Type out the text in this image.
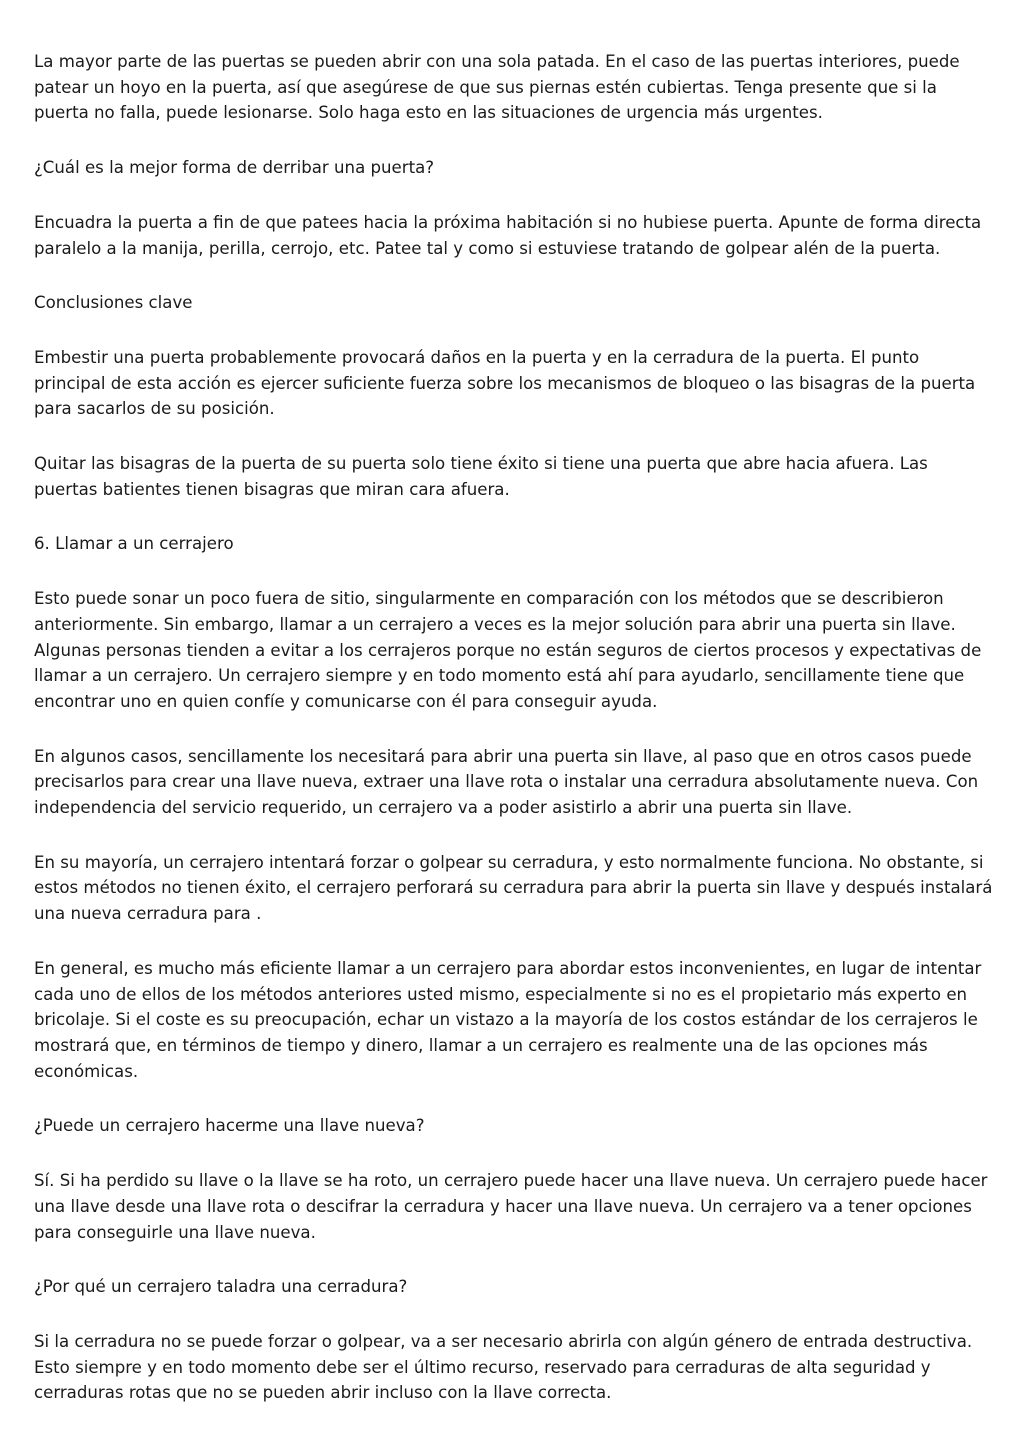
La mayor parte de las puertas se pueden abrir con una sola patada. En el caso de las puertas interiores, puede patear un hoyo en la puerta, así que asegúrese de que sus piernas estén cubiertas. Tenga presente que si la puerta no falla, puede lesionarse. Solo haga esto en las situaciones de urgencia más urgentes.

¿Cuál es la mejor forma de derribar una puerta?

Encuadra la puerta a fin de que patees hacia la próxima habitación si no hubiese puerta. Apunte de forma directa paralelo a la manija, perilla, cerrojo, etc. Patee tal y como si estuviese tratando de golpear alén de la puerta.

Conclusiones clave

Embestir una puerta probablemente provocará daños en la puerta y en la cerradura de la puerta. El punto principal de esta acción es ejercer suficiente fuerza sobre los mecanismos de bloqueo o las bisagras de la puerta para sacarlos de su posición.

Quitar las bisagras de la puerta de su puerta solo tiene éxito si tiene una puerta que abre hacia afuera. Las puertas batientes tienen bisagras que miran cara afuera.

6. Llamar a un cerrajero

Esto puede sonar un poco fuera de sitio, singularmente en comparación con los métodos que se describieron anteriormente. Sin embargo, llamar a un cerrajero a veces es la mejor solución para abrir una puerta sin llave. Algunas personas tienden a evitar a los cerrajeros porque no están seguros de ciertos procesos y expectativas de llamar a un cerrajero. Un cerrajero siempre y en todo momento está ahí para ayudarlo, sencillamente tiene que encontrar uno en quien confíe y comunicarse con él para conseguir ayuda.

En algunos casos, sencillamente los necesitará para abrir una puerta sin llave, al paso que en otros casos puede precisarlos para crear una llave nueva, extraer una llave rota o instalar una cerradura absolutamente nueva. Con independencia del servicio requerido, un cerrajero va a poder asistirlo a abrir una puerta sin llave.

En su mayoría, un cerrajero intentará forzar o golpear su cerradura, y esto normalmente funciona. No obstante, si estos métodos no tienen éxito, el cerrajero perforará su cerradura para abrir la puerta sin llave y después instalará una nueva cerradura para .

En general, es mucho más eficiente llamar a un cerrajero para abordar estos inconvenientes, en lugar de intentar cada uno de ellos de los métodos anteriores usted mismo, especialmente si no es el propietario más experto en bricolaje. Si el coste es su preocupación, echar un vistazo a la mayoría de los costos estándar de los cerrajeros le mostrará que, en términos de tiempo y dinero, llamar a un cerrajero es realmente una de las opciones más económicas.

¿Puede un cerrajero hacerme una llave nueva?

Sí. Si ha perdido su llave o la llave se ha roto, un cerrajero puede hacer una llave nueva. Un cerrajero puede hacer una llave desde una llave rota o descifrar la cerradura y hacer una llave nueva. Un cerrajero va a tener opciones para conseguirle una llave nueva.

¿Por qué un cerrajero taladra una cerradura?

Si la cerradura no se puede forzar o golpear, va a ser necesario abrirla con algún género de entrada destructiva. Esto siempre y en todo momento debe ser el último recurso, reservado para cerraduras de alta seguridad y cerraduras rotas que no se pueden abrir incluso con la llave correcta.
